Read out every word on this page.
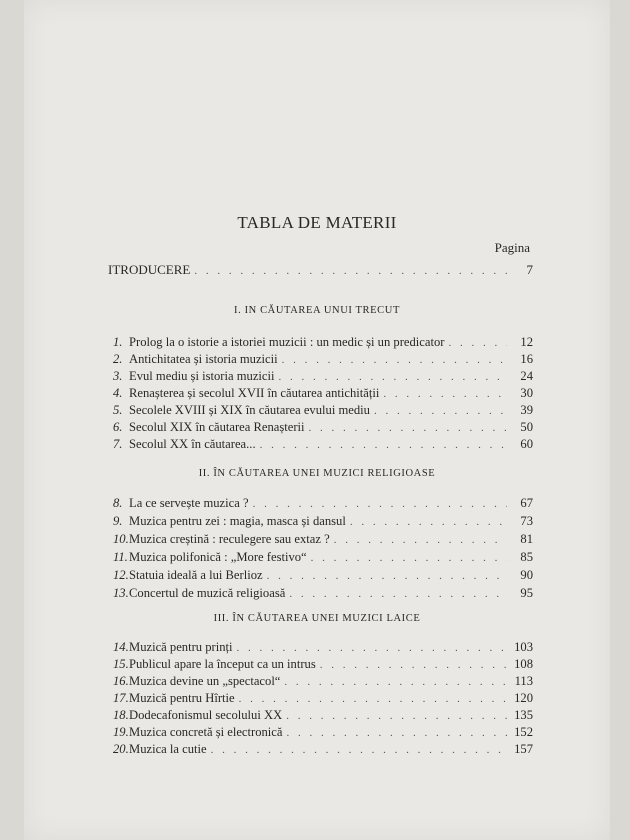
TABLA DE MATERII
Pagina
ITRODUCERE . . .	7
I. IN CĂUTAREA UNUI TRECUT
1. Prolog la o istorie a istoriei muzicii : un medic și un predicator . . .	12
2. Antichitatea și istoria muzicii . . .	16
3. Evul mediu și istoria muzicii . . .	24
4. Renașterea și secolul XVII în căutarea antichității . . .	30
5. Secolele XVIII și XIX în căutarea evului mediu . . .	39
6. Secolul XIX în căutarea Renașterii . . .	50
7. Secolul XX în căutarea... . . .	60
II. ÎN CĂUTAREA UNEI MUZICI RELIGIOASE
8. La ce servește muzica ? . . .	67
9. Muzica pentru zei : magia, masca și dansul . . .	73
10. Muzica creștină : reculegere sau extaz ? . . .	81
11. Muzica polifonică : „More festivo“ . . .	85
12. Statuia ideală a lui Berlioz . . .	90
13. Concertul de muzică religioasă . . .	95
III. ÎN CĂUTAREA UNEI MUZICI LAICE
14. Muzică pentru prinți . . .	103
15. Publicul apare la început ca un intrus . . .	108
16. Muzica devine un „spectacol“ . . .	113
17. Muzică pentru Hîrtie . . .	120
18. Dodecafonismul secolului XX . . .	135
19. Muzica concretă și electronică . . .	152
20. Muzica la cutie . . .	157
